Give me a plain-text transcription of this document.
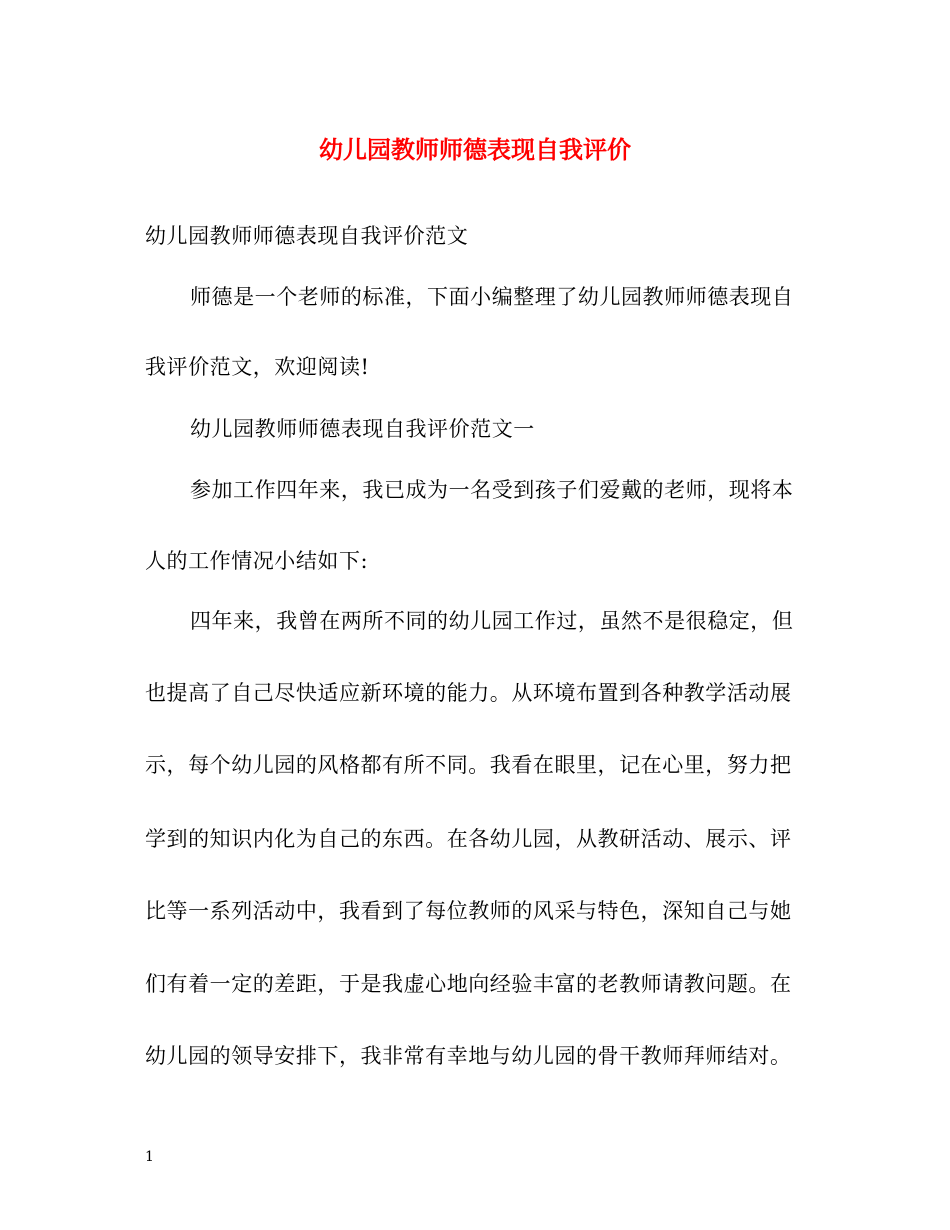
幼儿园教师师德表现自我评价
幼儿园教师师德表现自我评价范文
师德是一个老师的标准，下面小编整理了幼儿园教师师德表现自
我评价范文，欢迎阅读!
幼儿园教师师德表现自我评价范文一
参加工作四年来，我已成为一名受到孩子们爱戴的老师，现将本
人的工作情况小结如下:
四年来，我曾在两所不同的幼儿园工作过，虽然不是很稳定，但
也提高了自己尽快适应新环境的能力。从环境布置到各种教学活动展
示，每个幼儿园的风格都有所不同。我看在眼里，记在心里，努力把
学到的知识内化为自己的东西。在各幼儿园，从教研活动、展示、评
比等一系列活动中，我看到了每位教师的风采与特色，深知自己与她
们有着一定的差距，于是我虚心地向经验丰富的老教师请教问题。在
幼儿园的领导安排下，我非常有幸地与幼儿园的骨干教师拜师结对。
1
